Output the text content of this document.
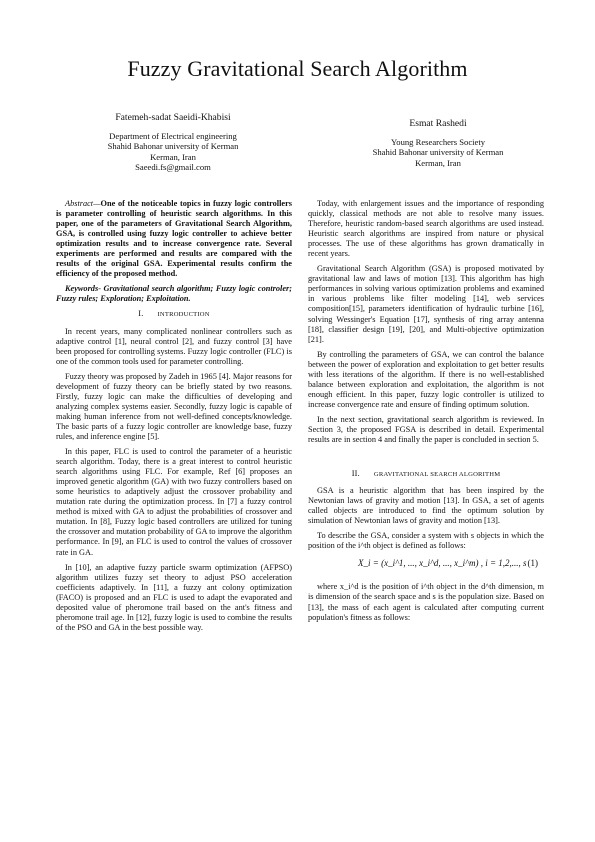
Fuzzy Gravitational Search Algorithm
Fatemeh-sadat Saeidi-Khabisi
Department of Electrical engineering
Shahid Bahonar university of Kerman
Kerman, Iran
Saeedi.fs@gmail.com
Esmat Rashedi
Young Researchers Society
Shahid Bahonar university of Kerman
Kerman, Iran

Abstract—One of the noticeable topics in fuzzy logic controllers is parameter controlling of heuristic search algorithms. In this paper, one of the parameters of Gravitational Search Algorithm, GSA, is controlled using fuzzy logic controller to achieve better optimization results and to increase convergence rate. Several experiments are performed and results are compared with the results of the original GSA. Experimental results confirm the efficiency of the proposed method.

Keywords- Gravitational search algorithm; Fuzzy logic controler; Fuzzy rules; Exploration; Exploitation.

I. INTRODUCTION

In recent years, many complicated nonlinear controllers such as adaptive control [1], neural control [2], and fuzzy control [3] have been proposed for controlling systems. Fuzzy logic controller (FLC) is one of the common tools used for parameter controlling.

Fuzzy theory was proposed by Zadeh in 1965 [4]. Major reasons for development of fuzzy theory can be briefly stated by two reasons. Firstly, fuzzy logic can make the difficulties of developing and analyzing complex systems easier. Secondly, fuzzy logic is capable of making human inference from not well-defined concepts/knowledge. The basic parts of a fuzzy logic controller are knowledge base, fuzzy rules, and inference engine [5].

In this paper, FLC is used to control the parameter of a heuristic search algorithm. Today, there is a great interest to control heuristic search algorithms using FLC. For example, Ref [6] proposes an improved genetic algorithm (GA) with two fuzzy controllers based on some heuristics to adaptively adjust the crossover probability and mutation rate during the optimization process. In [7] a fuzzy control method is mixed with GA to adjust the probabilities of crossover and mutation. In [8], Fuzzy logic based controllers are utilized for tuning the crossover and mutation probability of GA to improve the algorithm performance. In [9], an FLC is used to control the values of crossover rate in GA.

In [10], an adaptive fuzzy particle swarm optimization (AFPSO) algorithm utilizes fuzzy set theory to adjust PSO acceleration coefficients adaptively. In [11], a fuzzy ant colony optimization (FACO) is proposed and an FLC is used to adapt the evaporated and deposited value of pheromone trail based on the ant's fitness and pheromone trail age. In [12], fuzzy logic is used to combine the results of the PSO and GA in the best possible way.

Today, with enlargement issues and the importance of responding quickly, classical methods are not able to resolve many issues. Therefore, heuristic random-based search algorithms are used instead. Heuristic search algorithms are inspired from nature or physical processes. The use of these algorithms has grown dramatically in recent years.

Gravitational Search Algorithm (GSA) is proposed motivated by gravitational law and laws of motion [13]. This algorithm has high performances in solving various optimization problems and examined in various problems like filter modeling [14], web services composition[15], parameters identification of hydraulic turbine [16], solving Wessinger's Equation [17], synthesis of ring array antenna [18], classifier design [19], [20], and Multi-objective optimization [21].

By controlling the parameters of GSA, we can control the balance between the power of exploration and exploitation to get better results with less iterations of the algorithm. If there is no well-established balance between exploration and exploitation, the algorithm is not enough efficient. In this paper, fuzzy logic controller is utilized to increase convergence rate and ensure of finding optimum solution.

In the next section, gravitational search algorithm is reviewed. In Section 3, the proposed FGSA is described in detail. Experimental results are in section 4 and finally the paper is concluded in section 5.

II. GRAVITATIONAL SEARCH ALGORITHM

GSA is a heuristic algorithm that has been inspired by the Newtonian laws of gravity and motion [13]. In GSA, a set of agents called objects are introduced to find the optimum solution by simulation of Newtonian laws of gravity and motion [13].

To describe the GSA, consider a system with s objects in which the position of the i^th object is defined as follows:

X_i = (x_i^1, ..., x_i^d, ..., x_i^m) , i = 1,2,..., s (1)

where x_i^d is the position of i^th object in the d^th dimension, m is dimension of the search space and s is the population size. Based on [13], the mass of each agent is calculated after computing current population's fitness as follows:
